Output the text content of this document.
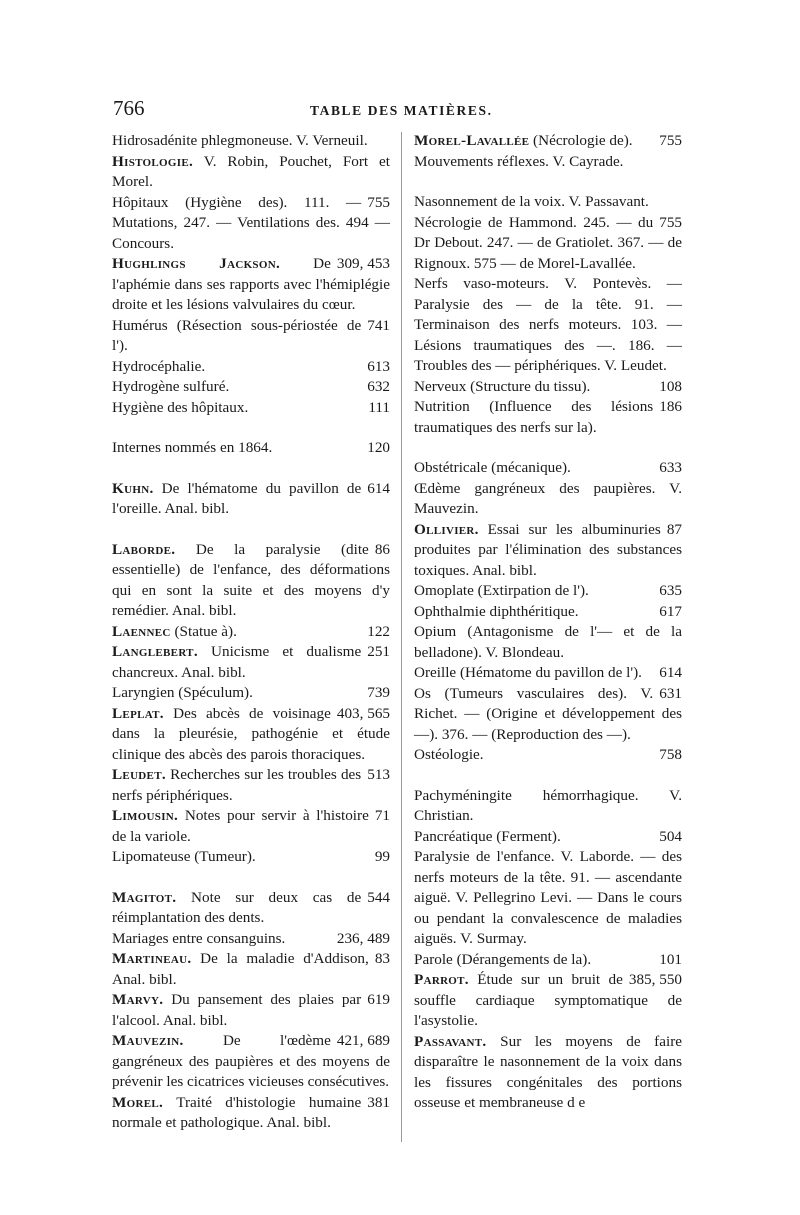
766	TABLE DES MATIÈRES.

Hidrosadénite phlegmoneuse. V. Verneuil.

Histologie. V. Robin, Pouchet, Fort et Morel.

755
Hôpitaux (Hygiène des). 111. — Mutations, 247. — Ventilations des. 494 — Concours.

309, 453
Hughlings Jackson. De l'aphémie dans ses rapports avec l'hémiplégie droite et les lésions valvulaires du cœur.

741
Humérus (Résection sous-périostée de l').

613
Hydrocéphalie.

632
Hydrogène sulfuré.

111
Hygiène des hôpitaux.

120
Internes nommés en 1864.

614
Kuhn. De l'hématome du pavillon de l'oreille. Anal. bibl.

86
Laborde. De la paralysie (dite essentielle) de l'enfance, des déformations qui en sont la suite et des moyens d'y remédier. Anal. bibl.

122
Laennec (Statue à).

251
Langlebert. Unicisme et dualisme chancreux. Anal. bibl.

739
Laryngien (Spéculum).

403, 565
Leplat. Des abcès de voisinage dans la pleurésie, pathogénie et étude clinique des abcès des parois thoraciques.

513
Leudet. Recherches sur les troubles des nerfs périphériques.

71
Limousin. Notes pour servir à l'histoire de la variole.

99
Lipomateuse (Tumeur).

544
Magitot. Note sur deux cas de réimplantation des dents.

236, 489
Mariages entre consanguins.

83
Martineau. De la maladie d'Addison, Anal. bibl.

619
Marvy. Du pansement des plaies par l'alcool. Anal. bibl.

421, 689
Mauvezin. De l'œdème gangréneux des paupières et des moyens de prévenir les cicatrices vicieuses consécutives.

381
Morel. Traité d'histologie humaine normale et pathologique. Anal. bibl.

755
Morel-Lavallée (Nécrologie de).

Mouvements réflexes. V. Cayrade.

Nasonnement de la voix. V. Passavant.

755
Nécrologie de Hammond. 245. — du Dr Debout. 247. — de Gratiolet. 367. — de Rignoux. 575 — de Morel-Lavallée.

Nerfs vaso-moteurs. V. Pontevès. — Paralysie des — de la tête. 91. — Terminaison des nerfs moteurs. 103. — Lésions traumatiques des —. 186. — Troubles des — périphériques. V. Leudet.

108
Nerveux (Structure du tissu).

186
Nutrition (Influence des lésions traumatiques des nerfs sur la).

633
Obstétricale (mécanique).

Œdème gangréneux des paupières. V. Mauvezin.

87
Ollivier. Essai sur les albuminuries produites par l'élimination des substances toxiques. Anal. bibl.

635
Omoplate (Extirpation de l').

617
Ophthalmie diphthéritique.

Opium (Antagonisme de l'— et de la belladone). V. Blondeau.

614
Oreille (Hématome du pavillon de l').

631
Os (Tumeurs vasculaires des). V. Richet. — (Origine et développement des —). 376. — (Reproduction des —).

758
Ostéologie.

Pachyméningite hémorrhagique. V. Christian.

504
Pancréatique (Ferment).

Paralysie de l'enfance. V. Laborde. — des nerfs moteurs de la tête. 91. — ascendante aiguë. V. Pellegrino Levi. — Dans le cours ou pendant la convalescence de maladies aiguës. V. Surmay.

101
Parole (Dérangements de la).

385, 550
Parrot. Étude sur un bruit de souffle cardiaque symptomatique de l'asystolie.

Passavant. Sur les moyens de faire disparaître le nasonnement de la voix dans les fissures congénitales des portions osseuse et membraneuse d e
